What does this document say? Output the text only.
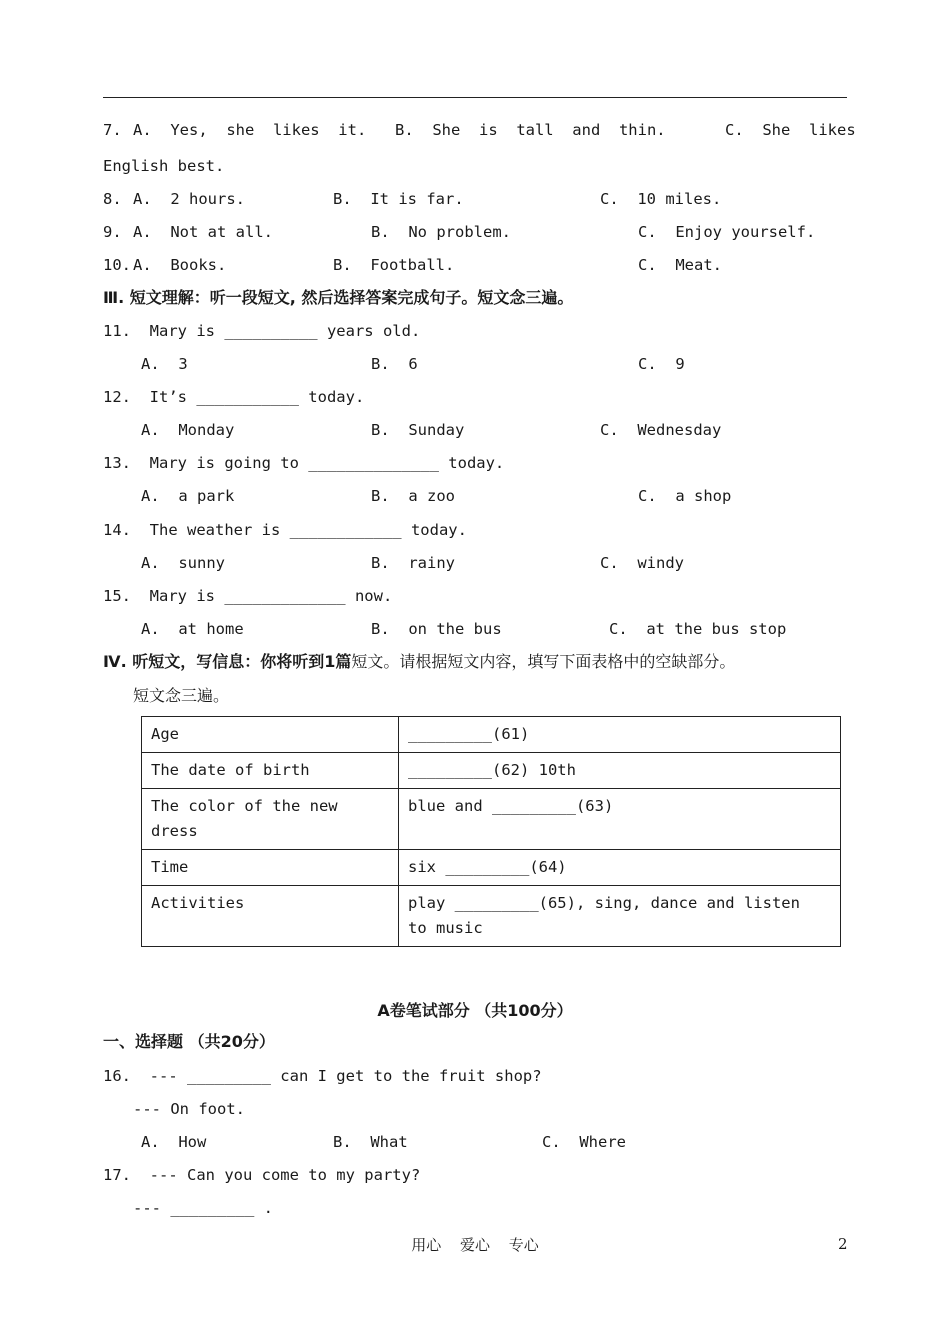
7. A.  Yes,  she  likes  it. B.  She  is  tall  and  thin.	C.  She  likes
English best.
8. A.  2 hours.	B.  It is far.	C.  10 miles.
9. A.  Not at all.	B.  No problem.	C.  Enjoy yourself.
10. A.  Books.	B.  Football.	C.  Meat.
Ⅲ. 短文理解：听一段短文, 然后选择答案完成句子。短文念三遍。
11.  Mary is __________ years old.
A.  3	B.  6	C.  9
12.  It’s ___________ today.
A.  Monday	B.  Sunday	C.  Wednesday
13.  Mary is going to ______________ today.
A.  a park	B.  a zoo	C.  a shop
14.  The weather is ____________ today.
A.  sunny	B.  rainy	C.  windy
15.  Mary is _____________ now.
A.  at home	B.  on the bus	C.  at the bus stop
Ⅳ. 听短文，写信息：你将听到1篇短文。请根据短文内容，填写下面表格中的空缺部分。
短文念三遍。
Age	_________(61)
The date of birth	_________(62) 10th
The color of the new
dress	blue and _________(63)
Time	six _________(64)
Activities	play _________(65), sing, dance and listen
to music
A卷笔试部分 （共100分）
一、选择题 （共20分）
16.  --- _________ can I get to the fruit shop?
--- On foot.
A.  How	B.  What	C.  Where
17.  --- Can you come to my party?
--- _________ .
用心 爱心 专心	2
